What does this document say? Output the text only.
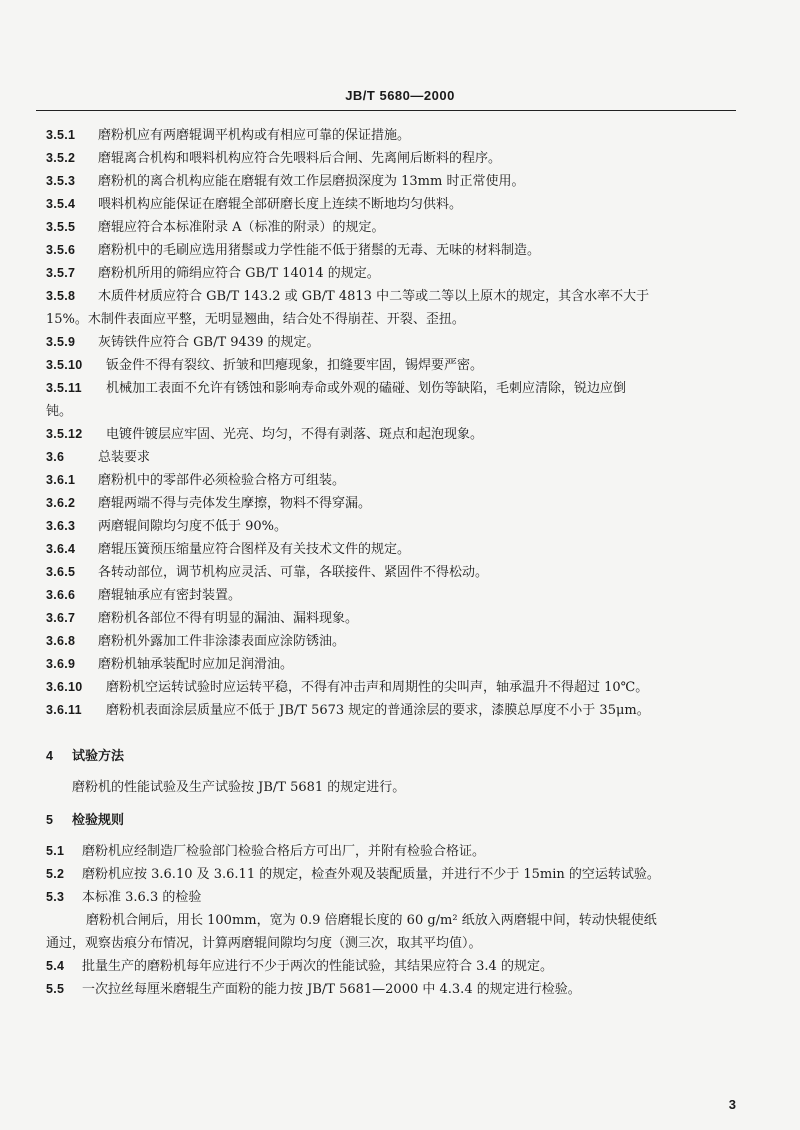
JB/T 5680—2000
3.5.1 磨粉机应有两磨辊调平机构或有相应可靠的保证措施。
3.5.2 磨辊离合机构和喂料机构应符合先喂料后合闸、先离闸后断料的程序。
3.5.3 磨粉机的离合机构应能在磨辊有效工作层磨损深度为 13mm 时正常使用。
3.5.4 喂料机构应能保证在磨辊全部研磨长度上连续不断地均匀供料。
3.5.5 磨辊应符合本标准附录 A（标准的附录）的规定。
3.5.6 磨粉机中的毛刷应选用猪鬃或力学性能不低于猪鬃的无毒、无味的材料制造。
3.5.7 磨粉机所用的筛绢应符合 GB/T 14014 的规定。
3.5.8 木质件材质应符合 GB/T 143.2 或 GB/T 4813 中二等或二等以上原木的规定，其含水率不大于
15%。木制件表面应平整，无明显翘曲，结合处不得崩茬、开裂、歪扭。
3.5.9 灰铸铁件应符合 GB/T 9439 的规定。
3.5.10 钣金件不得有裂纹、折皱和凹瘪现象，扣缝要牢固，锡焊要严密。
3.5.11 机械加工表面不允许有锈蚀和影响寿命或外观的磕碰、划伤等缺陷，毛刺应清除，锐边应倒
钝。
3.5.12 电镀件镀层应牢固、光亮、均匀，不得有剥落、斑点和起泡现象。
3.6	总装要求
3.6.1 磨粉机中的零部件必须检验合格方可组装。
3.6.2 磨辊两端不得与壳体发生摩擦，物料不得穿漏。
3.6.3 两磨辊间隙均匀度不低于 90%。
3.6.4 磨辊压簧预压缩量应符合图样及有关技术文件的规定。
3.6.5 各转动部位，调节机构应灵活、可靠，各联接件、紧固件不得松动。
3.6.6 磨辊轴承应有密封装置。
3.6.7 磨粉机各部位不得有明显的漏油、漏料现象。
3.6.8 磨粉机外露加工件非涂漆表面应涂防锈油。
3.6.9 磨粉机轴承装配时应加足润滑油。
3.6.10 磨粉机空运转试验时应运转平稳，不得有冲击声和周期性的尖叫声，轴承温升不得超过 10℃。
3.6.11 磨粉机表面涂层质量应不低于 JB/T 5673 规定的普通涂层的要求，漆膜总厚度不小于 35μm。
4 试验方法
磨粉机的性能试验及生产试验按 JB/T 5681 的规定进行。
5 检验规则
5.1 磨粉机应经制造厂检验部门检验合格后方可出厂，并附有检验合格证。
5.2 磨粉机应按 3.6.10 及 3.6.11 的规定，检查外观及装配质量，并进行不少于 15min 的空运转试验。
5.3 本标准 3.6.3 的检验
磨粉机合闸后，用长 100mm，宽为 0.9 倍磨辊长度的 60 g/m² 纸放入两磨辊中间，转动快辊使纸
通过，观察齿痕分布情况，计算两磨辊间隙均匀度（测三次，取其平均值）。
5.4 批量生产的磨粉机每年应进行不少于两次的性能试验，其结果应符合 3.4 的规定。
5.5 一次拉丝每厘米磨辊生产面粉的能力按 JB/T 5681—2000 中 4.3.4 的规定进行检验。
3
